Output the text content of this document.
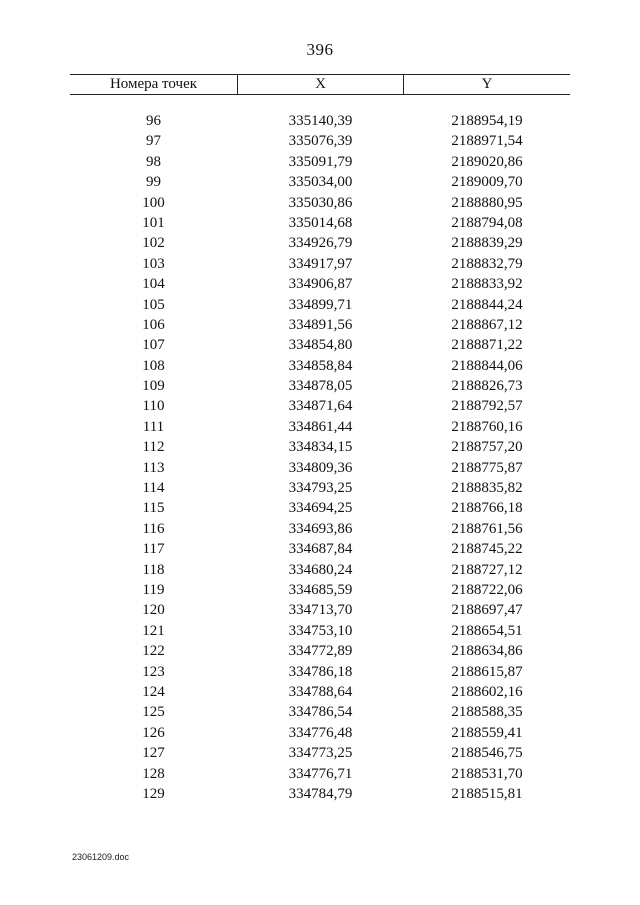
396
Номера точек	X	Y
96	335140,39	2188954,19
97	335076,39	2188971,54
98	335091,79	2189020,86
99	335034,00	2189009,70
100	335030,86	2188880,95
101	335014,68	2188794,08
102	334926,79	2188839,29
103	334917,97	2188832,79
104	334906,87	2188833,92
105	334899,71	2188844,24
106	334891,56	2188867,12
107	334854,80	2188871,22
108	334858,84	2188844,06
109	334878,05	2188826,73
110	334871,64	2188792,57
111	334861,44	2188760,16
112	334834,15	2188757,20
113	334809,36	2188775,87
114	334793,25	2188835,82
115	334694,25	2188766,18
116	334693,86	2188761,56
117	334687,84	2188745,22
118	334680,24	2188727,12
119	334685,59	2188722,06
120	334713,70	2188697,47
121	334753,10	2188654,51
122	334772,89	2188634,86
123	334786,18	2188615,87
124	334788,64	2188602,16
125	334786,54	2188588,35
126	334776,48	2188559,41
127	334773,25	2188546,75
128	334776,71	2188531,70
129	334784,79	2188515,81
23061209.doc
